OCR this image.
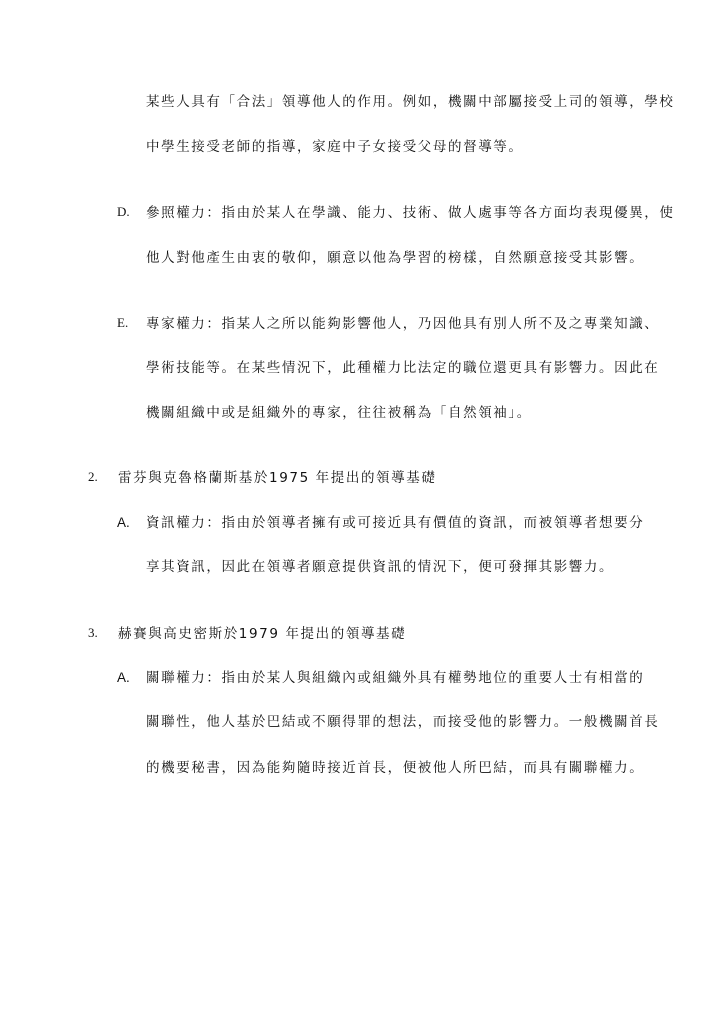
某些人具有「合法」領導他人的作用。例如，機關中部屬接受上司的領導，學校
中學生接受老師的指導，家庭中子女接受父母的督導等。
D. 參照權力：指由於某人在學識、能力、技術、做人處事等各方面均表現優異，使
他人對他產生由衷的敬仰，願意以他為學習的榜樣，自然願意接受其影響。
E. 專家權力：指某人之所以能夠影響他人，乃因他具有別人所不及之專業知識、
學術技能等。在某些情況下，此種權力比法定的職位還更具有影響力。因此在
機關組織中或是組織外的專家，往往被稱為「自然領袖」。
2. 雷芬與克魯格蘭斯基於1975 年提出的領導基礎
A. 資訊權力：指由於領導者擁有或可接近具有價值的資訊，而被領導者想要分
享其資訊，因此在領導者願意提供資訊的情況下，便可發揮其影響力。
3. 赫賽與高史密斯於1979 年提出的領導基礎
A. 關聯權力：指由於某人與組織內或組織外具有權勢地位的重要人士有相當的
關聯性，他人基於巴結或不願得罪的想法，而接受他的影響力。一般機關首長
的機要秘書，因為能夠隨時接近首長，便被他人所巴結，而具有關聯權力。
